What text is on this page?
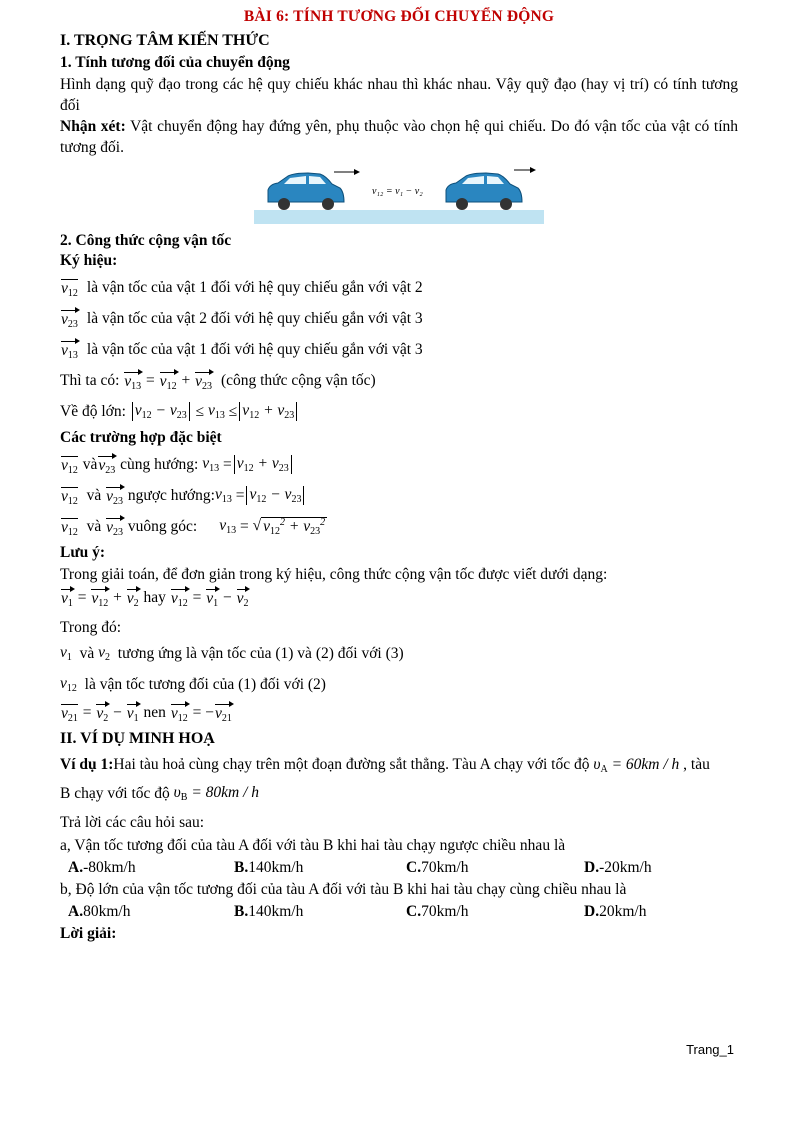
BÀI 6: TÍNH TƯƠNG ĐỐI CHUYỂN ĐỘNG
I. TRỌNG TÂM KIẾN THỨC
1. Tính tương đối của chuyển động

Hình dạng quỹ đạo trong các hệ quy chiếu khác nhau thì khác nhau. Vậy quỹ đạo (hay vị trí) có tính tương đối

Nhận xét: Vật chuyển động hay đứng yên, phụ thuộc vào chọn hệ qui chiếu. Do đó vận tốc của vật có tính tương đối.

v₁₂ = v₁ − v₂
2. Công thức cộng vận tốc
Ký hiệu:
$v_{12}$ là vận tốc của vật 1 đối với hệ quy chiếu gắn với vật 2
$v_{23}$ là vận tốc của vật 2 đối với hệ quy chiếu gắn với vật 3
$v_{13}$ là vận tốc của vật 1 đối với hệ quy chiếu gắn với vật 3
Thì ta có:
$v_{13} = v_{12} + v_{23}$ (công thức cộng vận tốc)
Về độ lớn:
$v_{12} - v_{23} \le v_{13} \le v_{12} + v_{23}$
Các trường hợp đặc biệt
$v_{12}$
và $v_{23}$
cùng hướng:
$v_{13} = v_{12} + v_{23}$
$v_{12}$
và
$v_{23}$
ngược hướng: $v_{13} = v_{12} - v_{23}$
$v_{12}$
và
$v_{23}$
vuông góc: $v_{13}$ = √ $v_{12}^2 + v_{23}^2$
Lưu ý:

Trong giải toán, để đơn giản trong ký hiệu, công thức cộng vận tốc được viết dưới dạng:

$v_1 = v_{12} + v_2$
hay
$v_{12} = v_1 - v_2$

Trong đó:

$v_1$
và
$v_2$
tương ứng là vận tốc của (1) và (2) đối với (3)
$v_{12}$
là vận tốc tương đối của (1) đối với (2)
$v_{21} = v_2 - v_1$
nen
$v_{12}$ = − $v_{21}$
II. VÍ DỤ MINH HOẠ
Ví dụ 1: Hai tàu hoả cùng chạy trên một đoạn đường sắt thẳng. Tàu A chạy với tốc độ
$\upsilon_A = 60km / h$
, tàu
B chạy với tốc độ
$\upsilon_B = 80km / h$

Trả lời các câu hỏi sau:

a, Vận tốc tương đối của tàu A đối với tàu B khi hai tàu chạy ngược chiều nhau là

A.-80km/h	B.140km/h	C.70km/h	D.-20km/h

b, Độ lớn của vận tốc tương đối của tàu A đối với tàu B khi hai tàu chạy cùng chiều nhau là

A.80km/h	B.140km/h	C.70km/h	D.20km/h
Lời giải:
Trang_1
